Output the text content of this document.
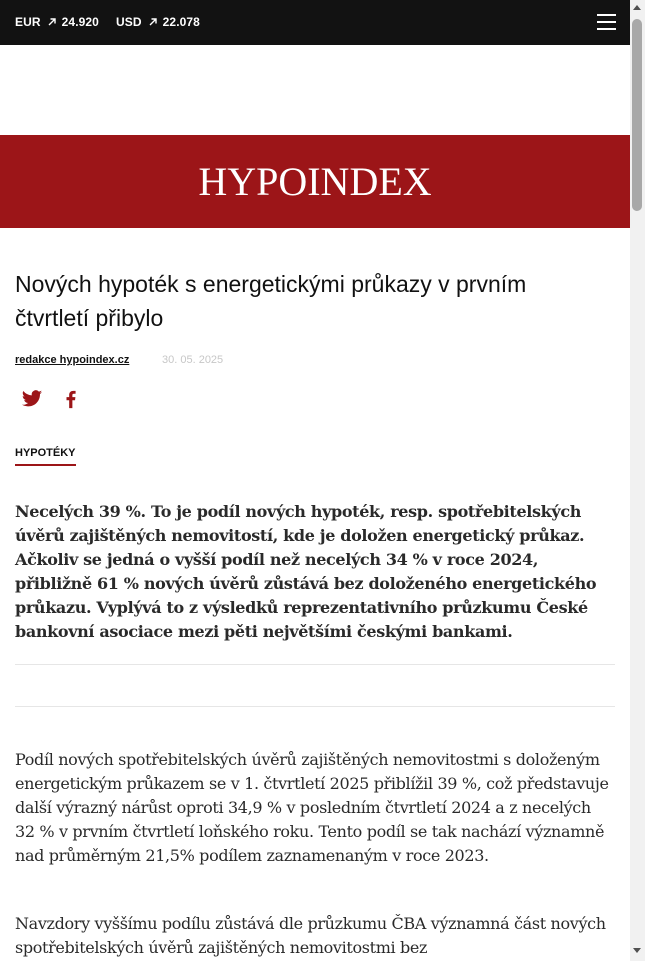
EUR 24.920 USD 22.078
HYPOINDEX
Nových hypoték s energetickými průkazy v prvním čtvrtletí přibylo
redakce hypoindex.cz	30. 05. 2025
HYPOTÉKY

Necelých 39 %. To je podíl nových hypoték, resp. spotřebitelských úvěrů zajištěných nemovitostí, kde je doložen energetický průkaz. Ačkoliv se jedná o vyšší podíl než necelých 34 % v roce 2024, přibližně 61 % nových úvěrů zůstává bez doloženého energetického průkazu. Vyplývá to z výsledků reprezentativního průzkumu České bankovní asociace mezi pěti největšími českými bankami.

Podíl nových spotřebitelských úvěrů zajištěných nemovitostmi s doloženým energetickým průkazem se v 1. čtvrtletí 2025 přiblížil 39 %, což představuje další výrazný nárůst oproti 34,9 % v posledním čtvrtletí 2024 a z necelých 32 % v prvním čtvrtletí loňského roku. Tento podíl se tak nachází významně nad průměrným 21,5% podílem zaznamenaným v roce 2023.

Navzdory vyššímu podílu zůstává dle průzkumu ČBA významná část nových spotřebitelských úvěrů zajištěných nemovitostmi bez
